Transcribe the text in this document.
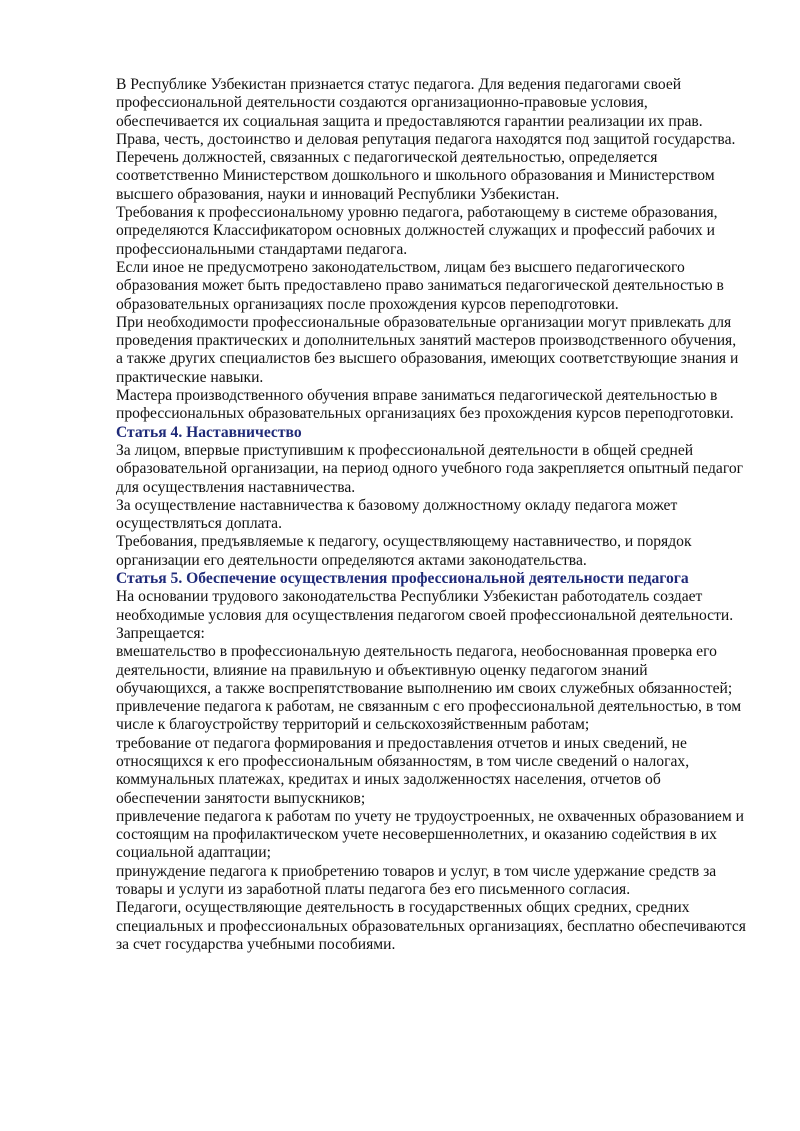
В Республике Узбекистан признается статус педагога. Для ведения педагогами своей профессиональной деятельности создаются организационно-правовые условия, обеспечивается их социальная защита и предоставляются гарантии реализации их прав.

Права, честь, достоинство и деловая репутация педагога находятся под защитой государства.

Перечень должностей, связанных с педагогической деятельностью, определяется соответственно Министерством дошкольного и школьного образования и Министерством высшего образования, науки и инноваций Республики Узбекистан.

Требования к профессиональному уровню педагога, работающему в системе образования, определяются Классификатором основных должностей служащих и профессий рабочих и профессиональными стандартами педагога.

Если иное не предусмотрено законодательством, лицам без высшего педагогического образования может быть предоставлено право заниматься педагогической деятельностью в образовательных организациях после прохождения курсов переподготовки.

При необходимости профессиональные образовательные организации могут привлекать для проведения практических и дополнительных занятий мастеров производственного обучения, а также других специалистов без высшего образования, имеющих соответствующие знания и практические навыки.

Мастера производственного обучения вправе заниматься педагогической деятельностью в профессиональных образовательных организациях без прохождения курсов переподготовки.

Статья 4. Наставничество

За лицом, впервые приступившим к профессиональной деятельности в общей средней образовательной организации, на период одного учебного года закрепляется опытный педагог для осуществления наставничества.

За осуществление наставничества к базовому должностному окладу педагога может осуществляться доплата.

Требования, предъявляемые к педагогу, осуществляющему наставничество, и порядок организации его деятельности определяются актами законодательства.

Статья 5. Обеспечение осуществления профессиональной деятельности педагога

На основании трудового законодательства Республики Узбекистан работодатель создает необходимые условия для осуществления педагогом своей профессиональной деятельности.

Запрещается:

вмешательство в профессиональную деятельность педагога, необоснованная проверка его деятельности, влияние на правильную и объективную оценку педагогом знаний обучающихся, а также воспрепятствование выполнению им своих служебных обязанностей;

привлечение педагога к работам, не связанным с его профессиональной деятельностью, в том числе к благоустройству территорий и сельскохозяйственным работам;

требование от педагога формирования и предоставления отчетов и иных сведений, не относящихся к его профессиональным обязанностям, в том числе сведений о налогах, коммунальных платежах, кредитах и иных задолженностях населения, отчетов об обеспечении занятости выпускников;

привлечение педагога к работам по учету не трудоустроенных, не охваченных образованием и состоящим на профилактическом учете несовершеннолетних, и оказанию содействия в их социальной адаптации;

принуждение педагога к приобретению товаров и услуг, в том числе удержание средств за товары и услуги из заработной платы педагога без его письменного согласия.

Педагоги, осуществляющие деятельность в государственных общих средних, средних специальных и профессиональных образовательных организациях, бесплатно обеспечиваются за счет государства учебными пособиями.
